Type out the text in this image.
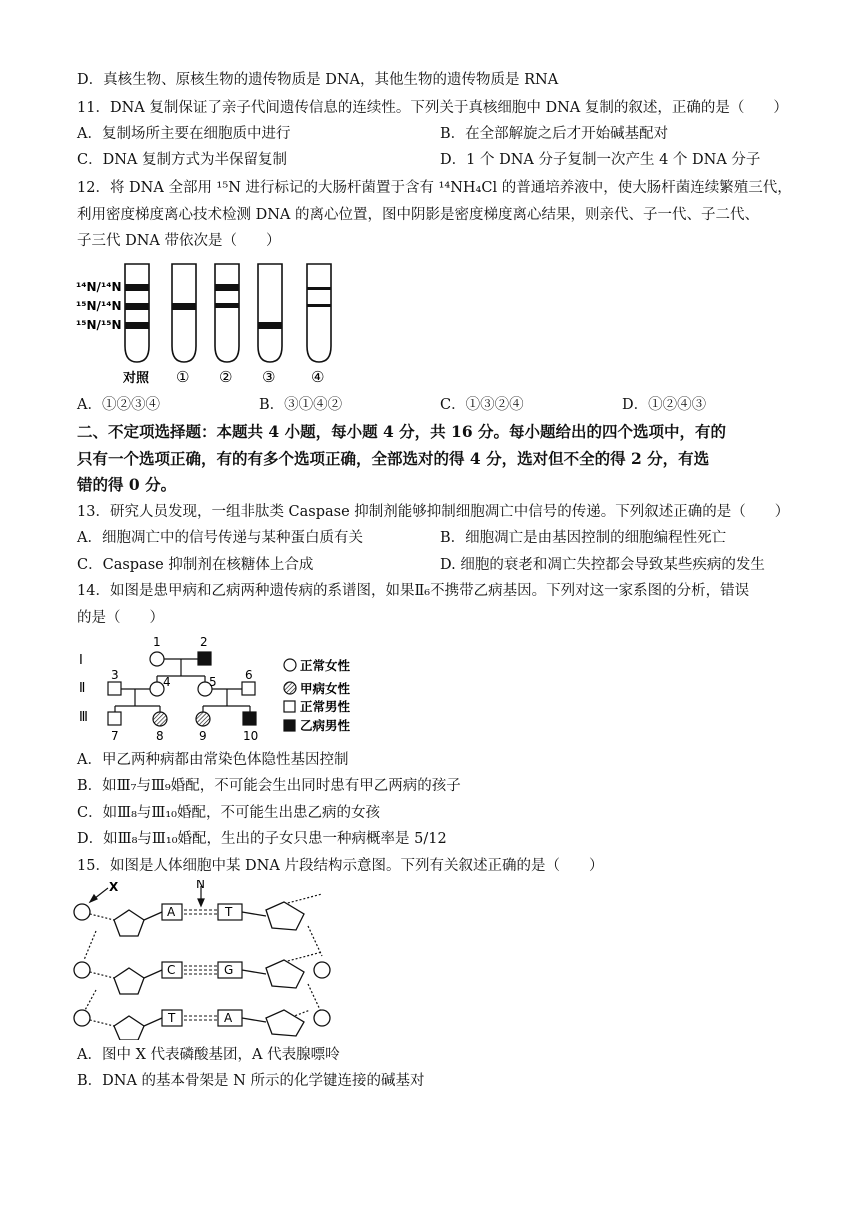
D．真核生物、原核生物的遗传物质是 DNA，其他生物的遗传物质是 RNA
11．DNA 复制保证了亲子代间遗传信息的连续性。下列关于真核细胞中 DNA 复制的叙述，正确的是（　　）
A．复制场所主要在细胞质中进行	B．在全部解旋之后才开始碱基配对
C．DNA 复制方式为半保留复制	D．1 个 DNA 分子复制一次产生 4 个 DNA 分子
12．将 DNA 全部用 ¹⁵N 进行标记的大肠杆菌置于含有 ¹⁴NH₄Cl 的普通培养液中，使大肠杆菌连续繁殖三代，
利用密度梯度离心技术检测 DNA 的离心位置，图中阴影是密度梯度离心结果，则亲代、子一代、子二代、
子三代 DNA 带依次是（　　）
¹⁴N/¹⁴N
¹⁵N/¹⁴N
¹⁵N/¹⁵N
对照 ① ② ③ ④
A．①②③④	B．③①④②	C．①③②④	D．①②④③
二、不定项选择题：本题共 4 小题，每小题 4 分，共 16 分。每小题给出的四个选项中，有的
只有一个选项正确，有的有多个选项正确，全部选对的得 4 分，选对但不全的得 2 分，有选
错的得 0 分。
13．研究人员发现，一组非肽类 Caspase 抑制剂能够抑制细胞凋亡中信号的传递。下列叙述正确的是（　　）
A．细胞凋亡中的信号传递与某种蛋白质有关	B．细胞凋亡是由基因控制的细胞编程性死亡
C．Caspase 抑制剂在核糖体上合成	D. 细胞的衰老和凋亡失控都会导致某些疾病的发生
14．如图是患甲病和乙病两种遗传病的系谱图，如果Ⅱ₆不携带乙病基因。下列对这一家系图的分析，错误
的是（　　）
Ⅰ
Ⅱ
Ⅲ
1	2
3	4	5 6
7	8	9	10
正常女性
甲病女性
正常男性
乙病男性
A．甲乙两种病都由常染色体隐性基因控制
B．如Ⅲ₇与Ⅲ₉婚配，不可能会生出同时患有甲乙两病的孩子
C．如Ⅲ₈与Ⅲ₁₀婚配，不可能生出患乙病的女孩
D．如Ⅲ₈与Ⅲ₁₀婚配，生出的子女只患一种病概率是 5/12
15．如图是人体细胞中某 DNA 片段结构示意图。下列有关叙述正确的是（　　）
X	N
A	T
C	G
T	A
A．图中 X 代表磷酸基团，A 代表腺嘌呤
B．DNA 的基本骨架是 N 所示的化学键连接的碱基对
